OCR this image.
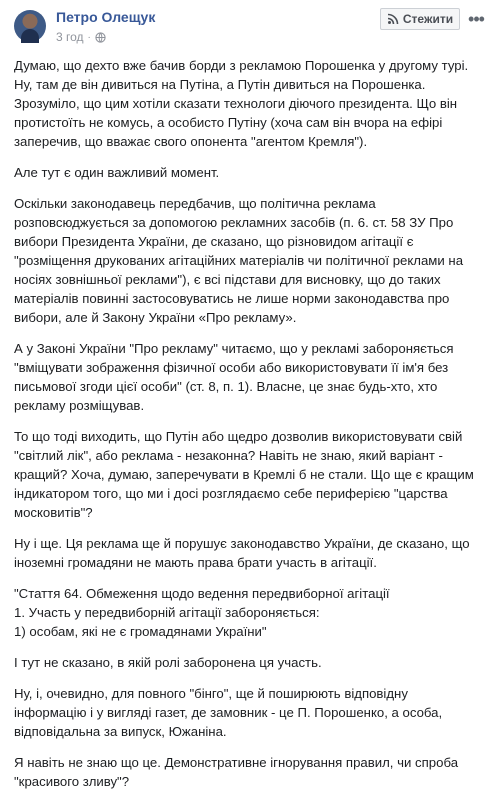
Петро Олещук
3 год ·
Стежити •••

Думаю, що дехто вже бачив борди з рекламою Порошенка у другому турі. Ну, там де він дивиться на Путіна, а Путін дивиться на Порошенка. Зрозуміло, що цим хотіли сказати технологи діючого президента. Що він протистоїть не комусь, а особисто Путіну (хоча сам він вчора на ефірі заперечив, що вважає свого опонента "агентом Кремля").

Але тут є один важливий момент.

Оскільки законодавець передбачив, що політична реклама розповсюджується за допомогою рекламних засобів (п. 6. ст. 58 ЗУ Про вибори Президента України, де сказано, що різновидом агітації є "розміщення друкованих агітаційних матеріалів чи політичної реклами на носіях зовнішньої реклами"), є всі підстави для висновку, що до таких матеріалів повинні застосовуватись не лише норми законодавства про вибори, але й Закону України «Про рекламу».

А у Законі України "Про рекламу" читаємо, що у рекламі забороняється "вміщувати зображення фізичної особи або використовувати її ім'я без письмової згоди цієї особи" (ст. 8, п. 1). Власне, це знає будь-хто, хто рекламу розміщував.

То що тоді виходить, що Путін або щедро дозволив використовувати свій "світлий лік", або реклама - незаконна? Навіть не знаю, який варіант - кращий? Хоча, думаю, заперечувати в Кремлі б не стали. Що ще є кращим індикатором того, що ми і досі розглядаємо себе периферією "царства московитів"?

Ну і ще. Ця реклама ще й порушує законодавство України, де сказано, що іноземні громадяни не мають права брати участь в агітації.

"Стаття 64. Обмеження щодо ведення передвиборної агітації
1. Участь у передвиборній агітації забороняється:
1) особам, які не є громадянами України"

І тут не сказано, в якій ролі заборонена ця участь.

Ну, і, очевидно, для повного "бінго", ще й поширюють відповідну інформацію і у вигляді газет, де замовник - це П. Порошенко, а особа, відповідальна за випуск, Южаніна.

Я навіть не знаю що це. Демонстративне ігнорування правил, чи спроба "красивого зливу"?
